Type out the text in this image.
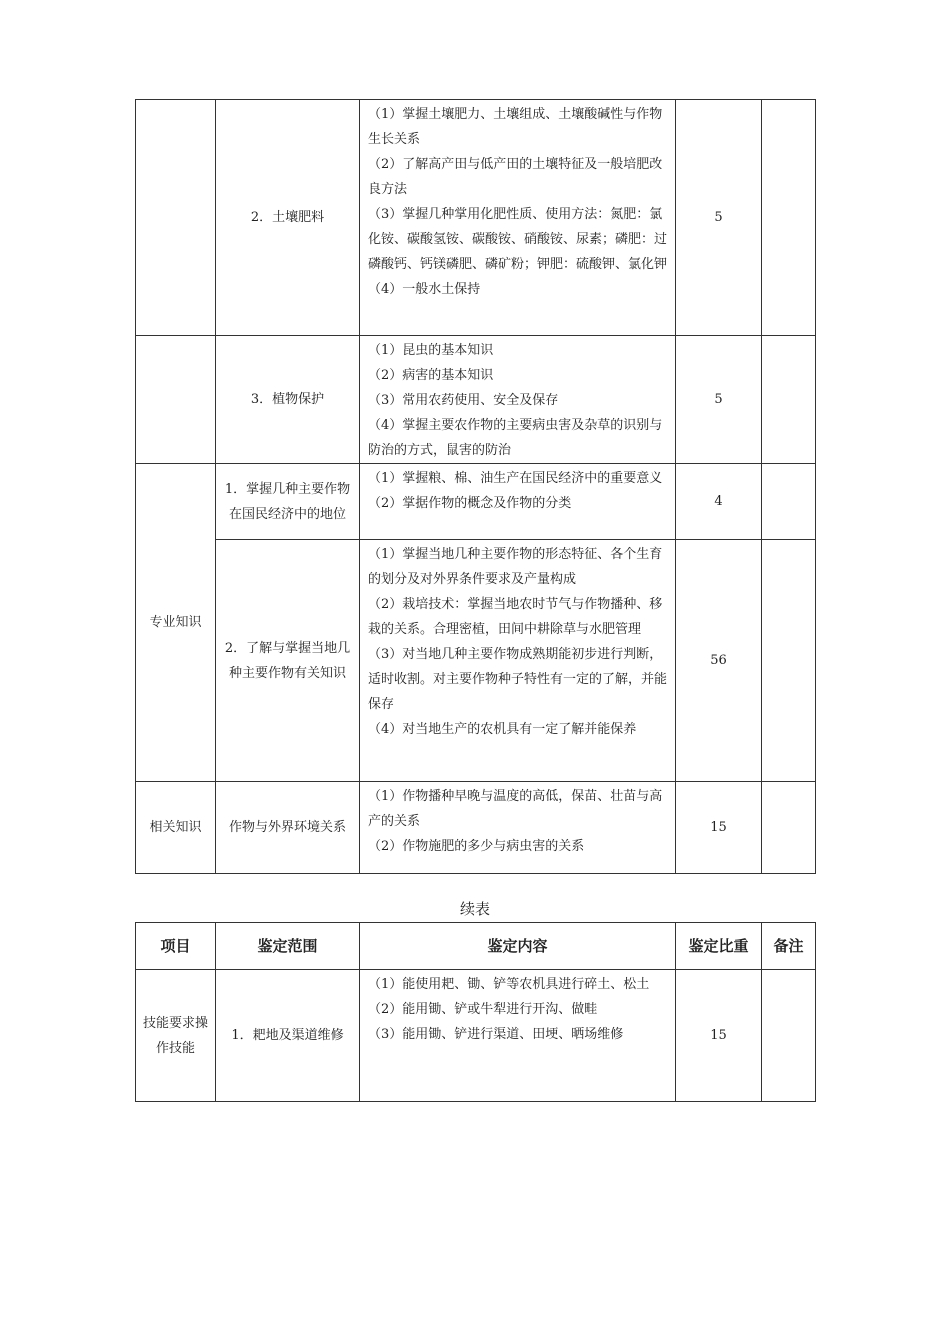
	2．土壤肥料	（1）掌握土壤肥力、土壤组成、土壤酸碱性与作物生长关系
（2）了解高产田与低产田的土壤特征及一般培肥改良方法
（3）掌握几种掌用化肥性质、使用方法：氮肥：氯化铵、碳酸氢铵、碳酸铵、硝酸铵、尿素；磷肥：过磷酸钙、钙镁磷肥、磷矿粉；钾肥：硫酸钾、氯化钾
（4）一般水土保持	5	
	3．植物保护	（1）昆虫的基本知识
（2）病害的基本知识
（3）常用农药使用、安全及保存
（4）掌握主要农作物的主要病虫害及杂草的识别与防治的方式，鼠害的防治	5	
专业知识	1．掌握几种主要作物在国民经济中的地位	（1）掌握粮、棉、油生产在国民经济中的重要意义
（2）掌据作物的概念及作物的分类	4	
	2．了解与掌握当地几种主要作物有关知识	（1）掌握当地几种主要作物的形态特征、各个生育的划分及对外界条件要求及产量构成
（2）栽培技术：掌握当地农时节气与作物播种、移栽的关系。合理密植，田间中耕除草与水肥管理
（3）对当地几种主要作物成熟期能初步进行判断，适时收割。对主要作物种子特性有一定的了解，并能保存
（4）对当地生产的农机具有一定了解并能保养	56	
相关知识	作物与外界环境关系	（1）作物播种早晚与温度的高低，保苗、壮苗与高产的关系
（2）作物施肥的多少与病虫害的关系	15	
续表
项目	鉴定范围	鉴定内容	鉴定比重	备注
技能要求操作技能	1．耙地及渠道维修	（1）能使用耙、锄、铲等农机具进行碎土、松土
（2）能用锄、铲或牛犁进行开沟、做畦
（3）能用锄、铲进行渠道、田埂、晒场维修	15	
